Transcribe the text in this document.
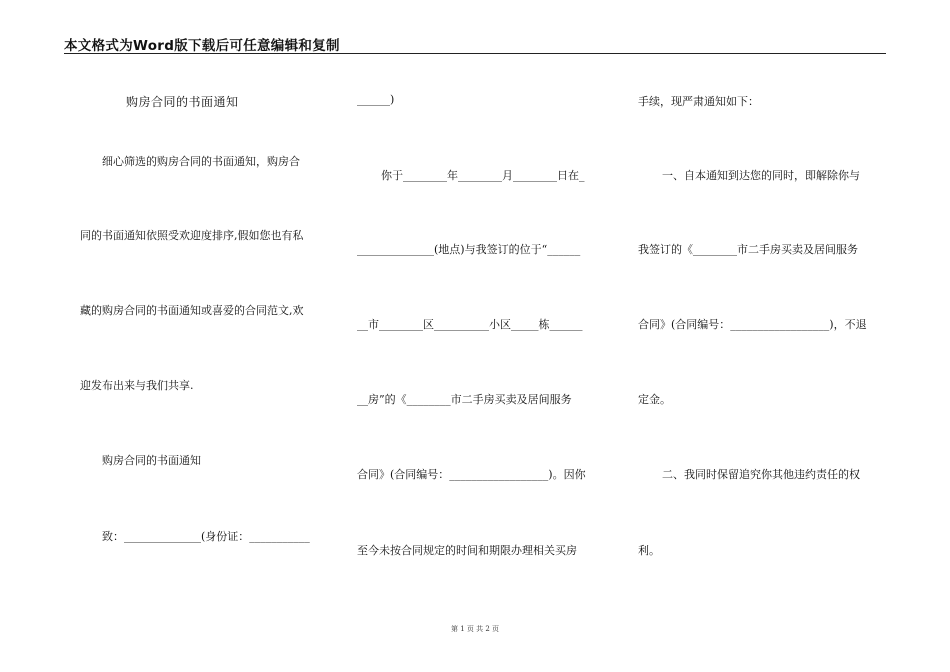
本文格式为Word版下载后可任意编辑和复制
购房合同的书面通知
细心筛选的购房合同的书面通知，购房合
同的书面通知依照受欢迎度排序,假如您也有私
藏的购房合同的书面通知或喜爱的合同范文,欢
迎发布出来与我们共享.
购房合同的书面通知
致：______________(身份证：___________
______)
你于________年________月________日在_
______________(地点)与我签订的位于“______
__市________区__________小区_____栋______
__房”的《________市二手房买卖及居间服务
合同》(合同编号：__________________)。因你
至今未按合同规定的时间和期限办理相关买房
手续，现严肃通知如下：
一、自本通知到达您的同时，即解除你与
我签订的《________市二手房买卖及居间服务
合同》(合同编号：__________________)，不退
定金。
二、我同时保留追究你其他违约责任的权
利。
第 1 页 共 2 页
